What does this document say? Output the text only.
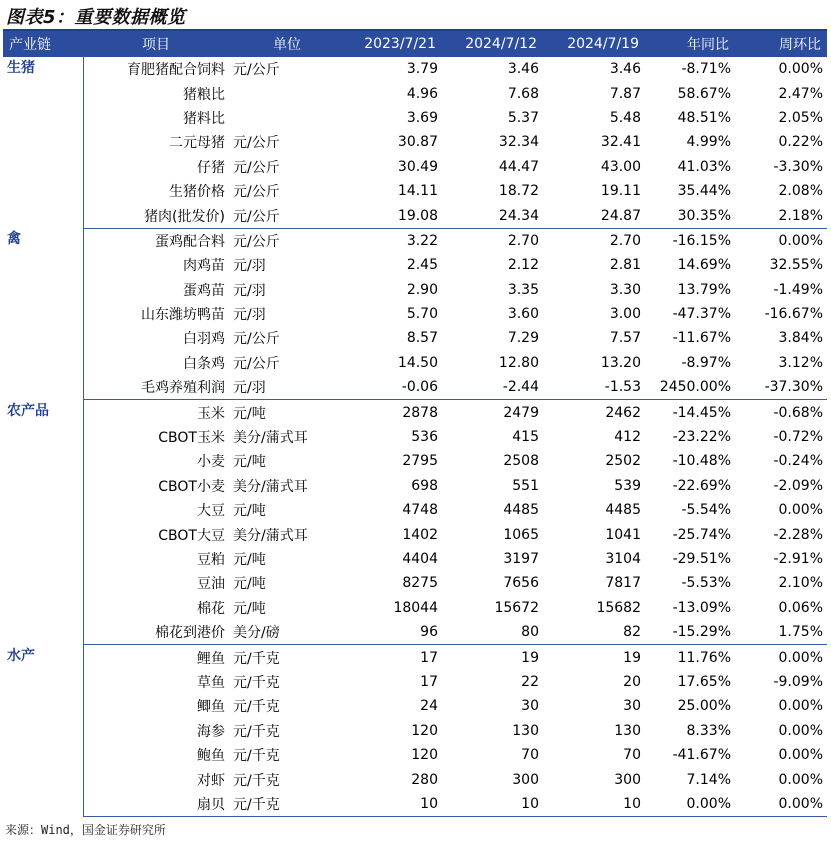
图表5：重要数据概览
产业链	项目	单位	2023/7/21	2024/7/12	2024/7/19	年同比	周环比
生猪	育肥猪配合饲料	元/公斤	3.79	3.46	3.46	-8.71%	0.00%
	猪粮比		4.96	7.68	7.87	58.67%	2.47%
	猪料比		3.69	5.37	5.48	48.51%	2.05%
	二元母猪	元/公斤	30.87	32.34	32.41	4.99%	0.22%
	仔猪	元/公斤	30.49	44.47	43.00	41.03%	-3.30%
	生猪价格	元/公斤	14.11	18.72	19.11	35.44%	2.08%
	猪肉(批发价)	元/公斤	19.08	24.34	24.87	30.35%	2.18%
禽	蛋鸡配合料	元/公斤	3.22	2.70	2.70	-16.15%	0.00%
	肉鸡苗	元/羽	2.45	2.12	2.81	14.69%	32.55%
	蛋鸡苗	元/羽	2.90	3.35	3.30	13.79%	-1.49%
	山东潍坊鸭苗	元/羽	5.70	3.60	3.00	-47.37%	-16.67%
	白羽鸡	元/公斤	8.57	7.29	7.57	-11.67%	3.84%
	白条鸡	元/公斤	14.50	12.80	13.20	-8.97%	3.12%
	毛鸡养殖利润	元/羽	-0.06	-2.44	-1.53	2450.00%	-37.30%
农产品	玉米	元/吨	2878	2479	2462	-14.45%	-0.68%
	CBOT玉米	美分/蒲式耳	536	415	412	-23.22%	-0.72%
	小麦	元/吨	2795	2508	2502	-10.48%	-0.24%
	CBOT小麦	美分/蒲式耳	698	551	539	-22.69%	-2.09%
	大豆	元/吨	4748	4485	4485	-5.54%	0.00%
	CBOT大豆	美分/蒲式耳	1402	1065	1041	-25.74%	-2.28%
	豆粕	元/吨	4404	3197	3104	-29.51%	-2.91%
	豆油	元/吨	8275	7656	7817	-5.53%	2.10%
	棉花	元/吨	18044	15672	15682	-13.09%	0.06%
	棉花到港价	美分/磅	96	80	82	-15.29%	1.75%
水产	鲤鱼	元/千克	17	19	19	11.76%	0.00%
	草鱼	元/千克	17	22	20	17.65%	-9.09%
	鲫鱼	元/千克	24	30	30	25.00%	0.00%
	海参	元/千克	120	130	130	8.33%	0.00%
	鲍鱼	元/千克	120	70	70	-41.67%	0.00%
	对虾	元/千克	280	300	300	7.14%	0.00%
	扇贝	元/千克	10	10	10	0.00%	0.00%
来源：Wind，国金证券研究所
